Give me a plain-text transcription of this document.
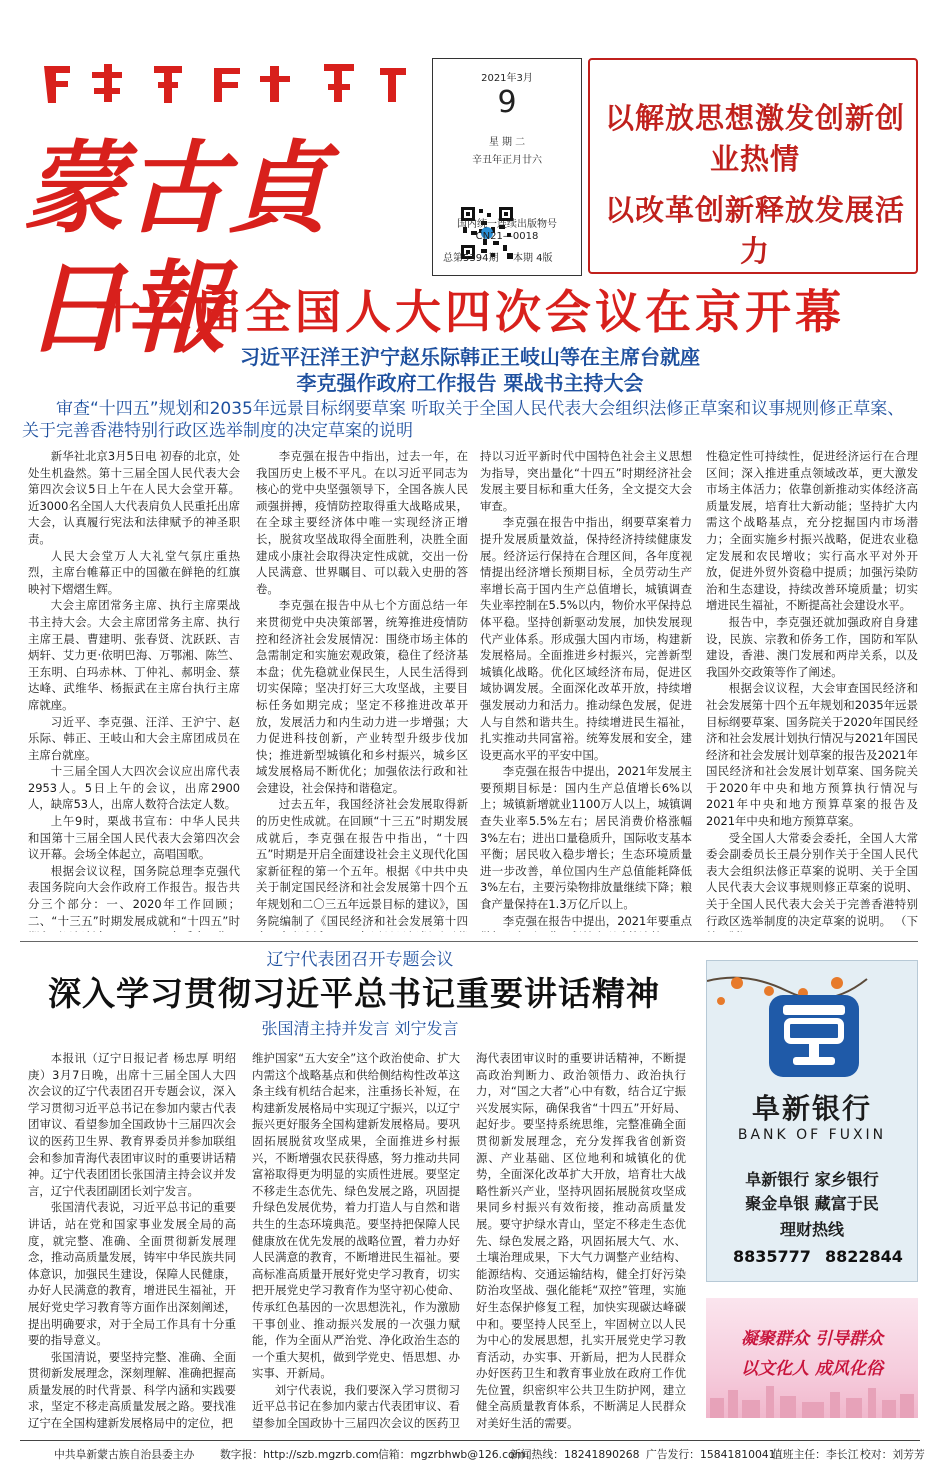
蒙古貞日報
2021年3月
9
星 期 二
辛丑年正月廿六
国内统一连续出版物号
CN21—0018
总第5394期	本期 4版
以解放思想激发创新创业热情
以改革创新释放发展活力
十三届全国人大四次会议在京开幕
习近平汪洋王沪宁赵乐际韩正王岐山等在主席台就座
李克强作政府工作报告 栗战书主持大会
审查“十四五”规划和2035年远景目标纲要草案 听取关于全国人民代表大会组织法修正草案和议事规则修正草案、关于完善香港特别行政区选举制度的决定草案的说明

新华社北京3月5日电 初春的北京，处处生机盎然。第十三届全国人民代表大会第四次会议5日上午在人民大会堂开幕。近3000名全国人大代表肩负人民重托出席大会，认真履行宪法和法律赋予的神圣职责。

人民大会堂万人大礼堂气氛庄重热烈，主席台帷幕正中的国徽在鲜艳的红旗映衬下熠熠生辉。

大会主席团常务主席、执行主席栗战书主持大会。大会主席团常务主席、执行主席王晨、曹建明、张春贤、沈跃跃、吉炳轩、艾力更·依明巴海、万鄂湘、陈竺、王东明、白玛赤林、丁仲礼、郝明金、蔡达峰、武维华、杨振武在主席台执行主席席就座。

习近平、李克强、汪洋、王沪宁、赵乐际、韩正、王岐山和大会主席团成员在主席台就座。

十三届全国人大四次会议应出席代表2953人。5日上午的会议，出席2900人，缺席53人，出席人数符合法定人数。

上午9时，栗战书宣布：中华人民共和国第十三届全国人民代表大会第四次会议开幕。会场全体起立，高唱国歌。

根据会议议程，国务院总理李克强代表国务院向大会作政府工作报告。报告共分三个部分：一、2020年工作回顾；二、“十三五”时期发展成就和“十四五”时

李克强在报告中指出，过去一年，在我国历史上极不平凡。在以习近平同志为核心的党中央坚强领导下，全国各族人民顽强拼搏，疫情防控取得重大战略成果，在全球主要经济体中唯一实现经济正增长，脱贫攻坚战取得全面胜利，决胜全面建成小康社会取得决定性成就，交出一份人民满意、世界瞩目、可以载入史册的答卷。

李克强在报告中从七个方面总结一年来贯彻党中央决策部署，统筹推进疫情防控和经济社会发展情况：围绕市场主体的急需制定和实施宏观政策，稳住了经济基本盘；优先稳就业保民生，人民生活得到切实保障；坚决打好三大攻坚战，主要目标任务如期完成；坚定不移推进改革开放，发展活力和内生动力进一步增强；大力促进科技创新，产业转型升级步伐加快；推进新型城镇化和乡村振兴，城乡区域发展格局不断优化；加强依法行政和社会建设，社会保持和谐稳定。

过去五年，我国经济社会发展取得新的历史性成就。在回顾“十三五”时期发展成就后，李克强在报告中指出，“十四五”时期是开启全面建设社会主义现代化国家新征程的第一个五年。根据《中共中央关于制定国民经济和社会发展第十四个五年规划和二〇三五年远景目标的建议》，国务院编制了《国民经济和社会发展第十四

持以习近平新时代中国特色社会主义思想为指导，突出量化“十四五”时期经济社会发展主要目标和重大任务，全文提交大会审查。

李克强在报告中指出，纲要草案着力提升发展质量效益，保持经济持续健康发展。经济运行保持在合理区间，各年度视情提出经济增长预期目标，全员劳动生产率增长高于国内生产总值增长，城镇调查失业率控制在5.5%以内，物价水平保持总体平稳。坚持创新驱动发展，加快发展现代产业体系。形成强大国内市场，构建新发展格局。全面推进乡村振兴，完善新型城镇化战略。优化区域经济布局，促进区域协调发展。全面深化改革开放，持续增强发展动力和活力。推动绿色发展，促进人与自然和谐共生。持续增进民生福祉，扎实推动共同富裕。统筹发展和安全，建设更高水平的平安中国。

李克强在报告中提出，2021年发展主要预期目标是：国内生产总值增长6%以上；城镇新增就业1100万人以上，城镇调查失业率5.5%左右；居民消费价格涨幅3%左右；进出口量稳质升，国际收支基本平衡；居民收入稳步增长；生态环境质量进一步改善，单位国内生产总值能耗降低3%左右，主要污染物排放量继续下降；粮食产量保持在1.3万亿斤以上。

李克强在报告中提出，2021年要重点

性稳定性可持续性，促进经济运行在合理区间；深入推进重点领域改革，更大激发市场主体活力；依靠创新推动实体经济高质量发展，培育壮大新动能；坚持扩大内需这个战略基点，充分挖掘国内市场潜力；全面实施乡村振兴战略，促进农业稳定发展和农民增收；实行高水平对外开放，促进外贸外资稳中提质；加强污染防治和生态建设，持续改善环境质量；切实增进民生福祉，不断提高社会建设水平。

报告中，李克强还就加强政府自身建设，民族、宗教和侨务工作，国防和军队建设，香港、澳门发展和两岸关系，以及我国外交政策等作了阐述。

根据会议议程，大会审查国民经济和社会发展第十四个五年规划和2035年远景目标纲要草案、国务院关于2020年国民经济和社会发展计划执行情况与2021年国民经济和社会发展计划草案的报告及2021年国民经济和社会发展计划草案、国务院关于2020年中央和地方预算执行情况与2021年中央和地方预算草案的报告及2021年中央和地方预算草案。

受全国人大常委会委托，全国人大常委会副委员长王晨分别作关于全国人民代表大会组织法修正草案的说明、关于全国人民代表大会议事规则修正草案的说明、关于全国人民代表大会关于完善香港特别行政区选举制度的决定草案的说明。 （下

辽宁代表团召开专题会议
深入学习贯彻习近平总书记重要讲话精神
张国清主持并发言 刘宁发言

本报讯（辽宁日报记者 杨忠厚 明绍庚）3月7日晚，出席十三届全国人大四次会议的辽宁代表团召开专题会议，深入学习贯彻习近平总书记在参加内蒙古代表团审议、看望参加全国政协十三届四次会议的医药卫生界、教育界委员并参加联组会和参加青海代表团审议时的重要讲话精神。辽宁代表团团长张国清主持会议并发言，辽宁代表团副团长刘宁发言。

张国清代表说，习近平总书记的重要讲话，站在党和国家事业发展全局的高度，就完整、准确、全面贯彻新发展理念，推动高质量发展，铸牢中华民族共同体意识，加强民生建设，保障人民健康，办好人民满意的教育，增进民生福祉，开展好党史学习教育等方面作出深刻阐述，提出明确要求，对于全局工作具有十分重要的指导意义。

张国清说，要坚持完整、准确、全面贯彻新发展理念，深刻理解、准确把握高质量发展的时代背景、科学内涵和实践要求，坚定不移走高质量发展之路。要找准辽宁在全国构建新发展格局中的定位，把

维护国家“五大安全”这个政治使命、扩大内需这个战略基点和供给侧结构性改革这条主线有机结合起来，注重扬长补短，在构建新发展格局中实现辽宁振兴，以辽宁振兴更好服务全国构建新发展格局。要巩固拓展脱贫攻坚成果，全面推进乡村振兴，不断增强农民获得感，努力推动共同富裕取得更为明显的实质性进展。要坚定不移走生态优先、绿色发展之路，巩固提升绿色发展优势，着力打造人与自然和谐共生的生态环境典范。要坚持把保障人民健康放在优先发展的战略位置，着力办好人民满意的教育，不断增进民生福祉。要高标准高质量开展好党史学习教育，切实把开展党史学习教育作为坚守初心使命、传承红色基因的一次思想洗礼，作为激励干事创业、推动振兴发展的一次强力赋能，作为全面从严治党、净化政治生态的一个重大契机，做到学党史、悟思想、办实事、开新局。

刘宁代表说，我们要深入学习贯彻习近平总书记在参加内蒙古代表团审议、看望参加全国政协十三届四次会议的医药卫

海代表团审议时的重要讲话精神，不断提高政治判断力、政治领悟力、政治执行力，对“国之大者”心中有数，结合辽宁振兴发展实际，确保我省“十四五”开好局、起好步。要坚持系统思维，完整准确全面贯彻新发展理念，充分发挥我省创新资源、产业基础、区位地利和城镇化的优势，全面深化改革扩大开放，培育壮大战略性新兴产业，坚持巩固拓展脱贫攻坚成果同乡村振兴有效衔接，推动高质量发展。要守护绿水青山，坚定不移走生态优先、绿色发展之路，巩固拓展大气、水、土壤治理成果，下大气力调整产业结构、能源结构、交通运输结构，健全打好污染防治攻坚战、强化能耗“双控”管理，实施好生态保护修复工程，加快实现碳达峰碳中和。要坚持人民至上，牢固树立以人民为中心的发展思想，扎实开展党史学习教育活动，办实事、开新局，把为人民群众办好医药卫生和教育事业放在政府工作优先位置，织密织牢公共卫生防护网，建立健全高质量教育体系，不断满足人民群众对美好生活的需要。

阜新银行
BANK OF FUXIN
阜新银行 家乡银行
聚金阜银 藏富于民
理财热线
8835777 8822844
凝聚群众 引导群众
以文化人 成风化俗
中共阜新蒙古族自治县委主办 数字报：http://szb.mgzrb.com 信箱：mgzrbhwb@126.com
新闻热线：18241890268 广告发行：15841810041
值班主任：李长江 校对：刘芳芳
